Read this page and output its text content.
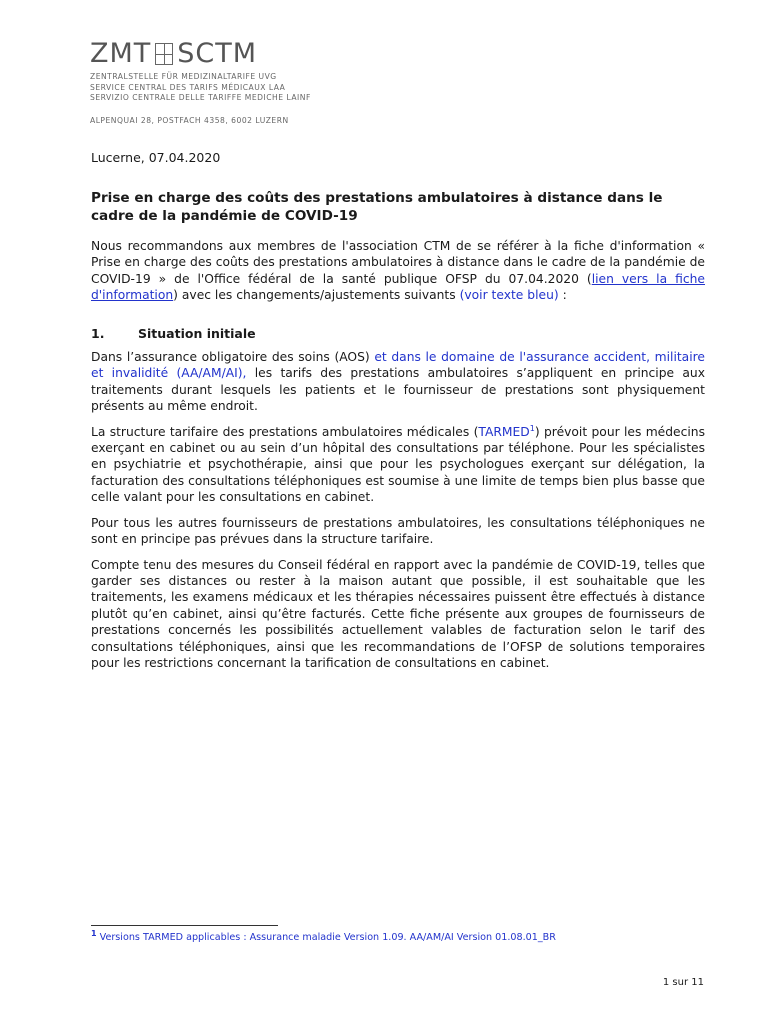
ZMT SCTM
ZENTRALSTELLE FÜR MEDIZINALTARIFE UVG
SERVICE CENTRAL DES TARIFS MÉDICAUX LAA
SERVIZIO CENTRALE DELLE TARIFFE MEDICHE LAINF
ALPENQUAI 28, POSTFACH 4358, 6002 LUZERN
Lucerne, 07.04.2020
Prise en charge des coûts des prestations ambulatoires à distance dans le cadre de la pandémie de COVID-19

Nous recommandons aux membres de l'association CTM de se référer à la fiche d'information « Prise en charge des coûts des prestations ambulatoires à distance dans le cadre de la pandémie de COVID-19 » de l'Office fédéral de la santé publique OFSP du 07.04.2020 (lien vers la fiche d'information) avec les changements/ajustements suivants (voir texte bleu) :

1.	Situation initiale

Dans l’assurance obligatoire des soins (AOS) et dans le domaine de l'assurance accident, militaire et invalidité (AA/AM/AI), les tarifs des prestations ambulatoires s’appliquent en principe aux traitements durant lesquels les patients et le fournisseur de prestations sont physiquement présents au même endroit.

La structure tarifaire des prestations ambulatoires médicales (TARMED$^1$) prévoit pour les médecins exerçant en cabinet ou au sein d’un hôpital des consultations par téléphone. Pour les spécialistes en psychiatrie et psychothérapie, ainsi que pour les psychologues exerçant sur délégation, la facturation des consultations téléphoniques est soumise à une limite de temps bien plus basse que celle valant pour les consultations en cabinet.

Pour tous les autres fournisseurs de prestations ambulatoires, les consultations téléphoniques ne sont en principe pas prévues dans la structure tarifaire.

Compte tenu des mesures du Conseil fédéral en rapport avec la pandémie de COVID-19, telles que garder ses distances ou rester à la maison autant que possible, il est souhaitable que les traitements, les examens médicaux et les thérapies nécessaires puissent être effectués à distance plutôt qu’en cabinet, ainsi qu’être facturés. Cette fiche présente aux groupes de fournisseurs de prestations concernés les possibilités actuellement valables de facturation selon le tarif des consultations téléphoniques, ainsi que les recommandations de l’OFSP de solutions temporaires pour les restrictions concernant la tarification de consultations en cabinet.

$^1$ Versions TARMED applicables : Assurance maladie Version 1.09. AA/AM/AI Version 01.08.01_BR
1 sur 11
